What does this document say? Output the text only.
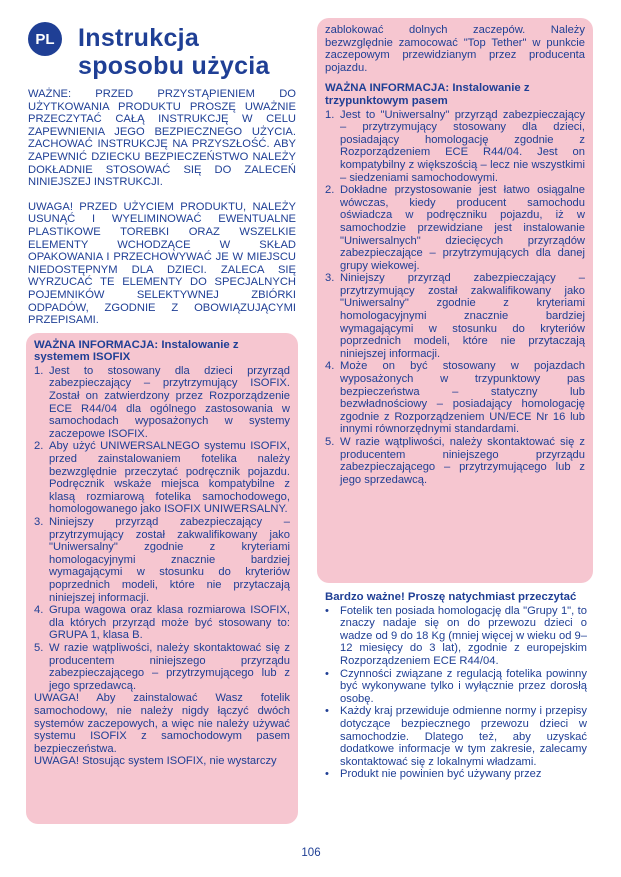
PL Instrukcja sposobu użycia

WAŻNE: PRZED PRZYSTĄPIENIEM DO UŻYTKOWANIA PRODUKTU PROSZĘ UWAŻNIE PRZECZYTAĆ CAŁĄ INSTRUKCJĘ W CELU ZAPEWNIENIA JEGO BEZPIECZNEGO UŻYCIA. ZACHOWAĆ INSTRUKCJĘ NA PRZYSZŁOŚĆ. ABY ZAPEWNIĆ DZIECKU BEZPIECZEŃSTWO NALEŻY DOKŁADNIE STOSOWAĆ SIĘ DO ZALECEŃ NINIEJSZEJ INSTRUKCJI.

UWAGA! PRZED UŻYCIEM PRODUKTU, NALEŻY USUNĄĆ I WYELIMINOWAĆ EWENTUALNE PLASTIKOWE TOREBKI ORAZ WSZELKIE ELEMENTY WCHODZĄCE W SKŁAD OPAKOWANIA I PRZECHOWYWAĆ JE W MIEJSCU NIEDOSTĘPNYM DLA DZIECI. ZALECA SIĘ WYRZUCAĆ TE ELEMENTY DO SPECJALNYCH POJEMNIKÓW SELEKTYWNEJ ZBIÓRKI ODPADÓW, ZGODNIE Z OBOWIĄZUJĄCYMI PRZEPISAMI.

WAŻNA INFORMACJA: Instalowanie z systemem ISOFIX
1. Jest to stosowany dla dzieci przyrząd zabezpieczający – przytrzymujący ISOFIX. Został on zatwierdzony przez Rozporządzenie ECE R44/04 dla ogólnego zastosowania w samochodach wyposażonych w systemy zaczepowe ISOFIX.
2. Aby użyć UNIWERSALNEGO systemu ISOFIX, przed zainstalowaniem fotelika należy bezwzględnie przeczytać podręcznik pojazdu. Podręcznik wskaże miejsca kompatybilne z klasą rozmiarową fotelika samochodowego, homologowanego jako ISOFIX UNIWERSALNY.
3. Niniejszy przyrząd zabezpieczający – przytrzymujący został zakwalifikowany jako "Uniwersalny" zgodnie z kryteriami homologacyjnymi znacznie bardziej wymagającymi w stosunku do kryteriów poprzednich modeli, które nie przytaczają niniejszej informacji.
4. Grupa wagowa oraz klasa rozmiarowa ISOFIX, dla których przyrząd może być stosowany to: GRUPA 1, klasa B.
5. W razie wątpliwości, należy skontaktować się z producentem niniejszego przyrządu zabezpieczającego – przytrzymującego lub z jego sprzedawcą.
UWAGA! Aby zainstalować Wasz fotelik samochodowy, nie należy nigdy łączyć dwóch systemów zaczepowych, a więc nie należy używać systemu ISOFIX z samochodowym pasem bezpieczeństwa.
UWAGA! Stosując system ISOFIX, nie wystarczy
zablokować dolnych zaczepów. Należy bezwzględnie zamocować "Top Tether" w punkcie zaczepowym przewidzianym przez producenta pojazdu.
WAŻNA INFORMACJA: Instalowanie z trzypunktowym pasem
1. Jest to "Uniwersalny" przyrząd zabezpieczający – przytrzymujący stosowany dla dzieci, posiadający homologację zgodnie z Rozporządzeniem ECE R44/04. Jest on kompatybilny z większością – lecz nie wszystkimi – siedzeniami samochodowymi.
2. Dokładne przystosowanie jest łatwo osiągalne wówczas, kiedy producent samochodu oświadcza w podręczniku pojazdu, iż w samochodzie przewidziane jest instalowanie "Uniwersalnych" dziecięcych przyrządów zabezpieczające – przytrzymujących dla danej grupy wiekowej.
3. Niniejszy przyrząd zabezpieczający – przytrzymujący został zakwalifikowany jako "Uniwersalny" zgodnie z kryteriami homologacyjnymi znacznie bardziej wymagającymi w stosunku do kryteriów poprzednich modeli, które nie przytaczają niniejszej informacji.
4. Może on być stosowany w pojazdach wyposażonych w trzypunktowy pas bezpieczeństwa – statyczny lub bezwładnościowy – posiadający homologację zgodnie z Rozporządzeniem UN/ECE Nr 16 lub innymi równorzędnymi standardami.
5. W razie wątpliwości, należy skontaktować się z producentem niniejszego przyrządu zabezpieczającego – przytrzymującego lub z jego sprzedawcą.
Bardzo ważne! Proszę natychmiast przeczytać
• Fotelik ten posiada homologację dla "Grupy 1", to znaczy nadaje się on do przewozu dzieci o wadze od 9 do 18 Kg (mniej więcej w wieku od 9–12 miesięcy do 3 lat), zgodnie z europejskim Rozporządzeniem ECE R44/04.
• Czynności związane z regulacją fotelika powinny być wykonywane tylko i wyłącznie przez dorosłą osobę.
• Każdy kraj przewiduje odmienne normy i przepisy dotyczące bezpiecznego przewozu dzieci w samochodzie. Dlatego też, aby uzyskać dodatkowe informacje w tym zakresie, zalecamy skontaktować się z lokalnymi władzami.
• Produkt nie powinien być używany przez
106
